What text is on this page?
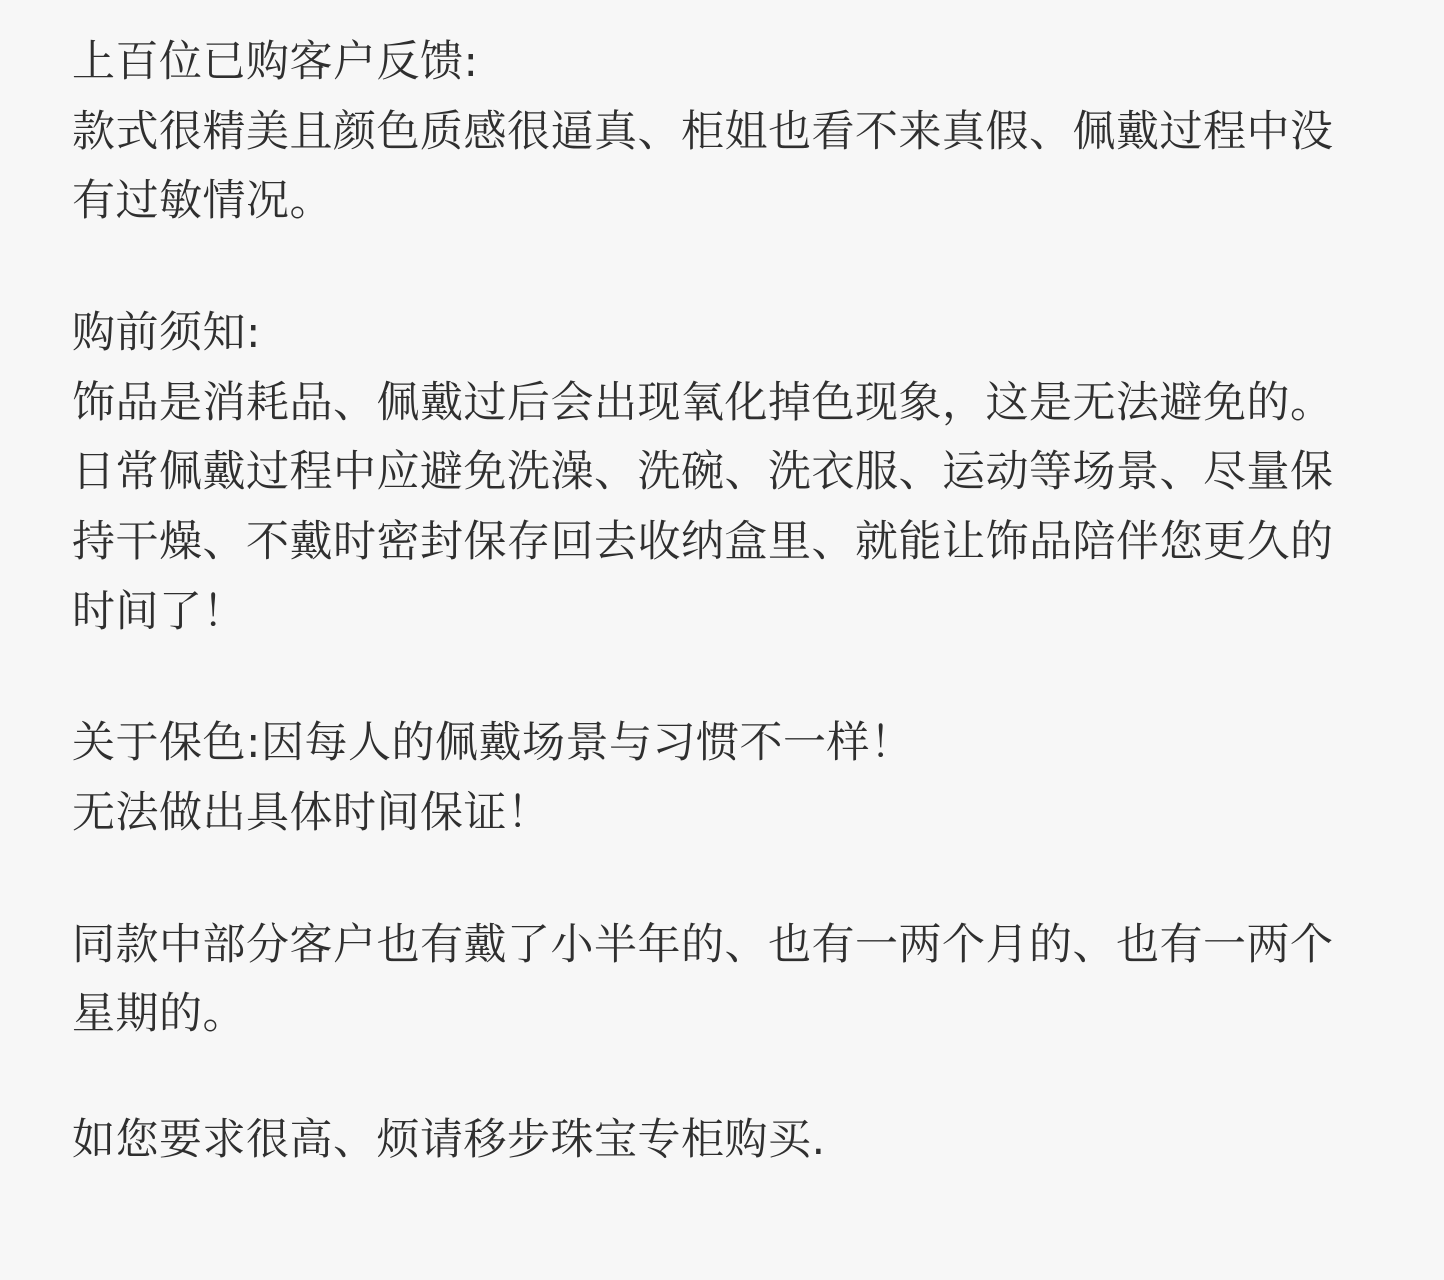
上百位已购客户反馈:

款式很精美且颜色质感很逼真、柜姐也看不来真假、佩戴过程中没有过敏情况。

购前须知:

饰品是消耗品、佩戴过后会出现氧化掉色现象，这是无法避免的。

日常佩戴过程中应避免洗澡、洗碗、洗衣服、运动等场景、尽量保持干燥、不戴时密封保存回去收纳盒里、就能让饰品陪伴您更久的时间了！

关于保色:因每人的佩戴场景与习惯不一样！

无法做出具体时间保证！

同款中部分客户也有戴了小半年的、也有一两个月的、也有一两个星期的。

如您要求很高、烦请移步珠宝专柜购买.
